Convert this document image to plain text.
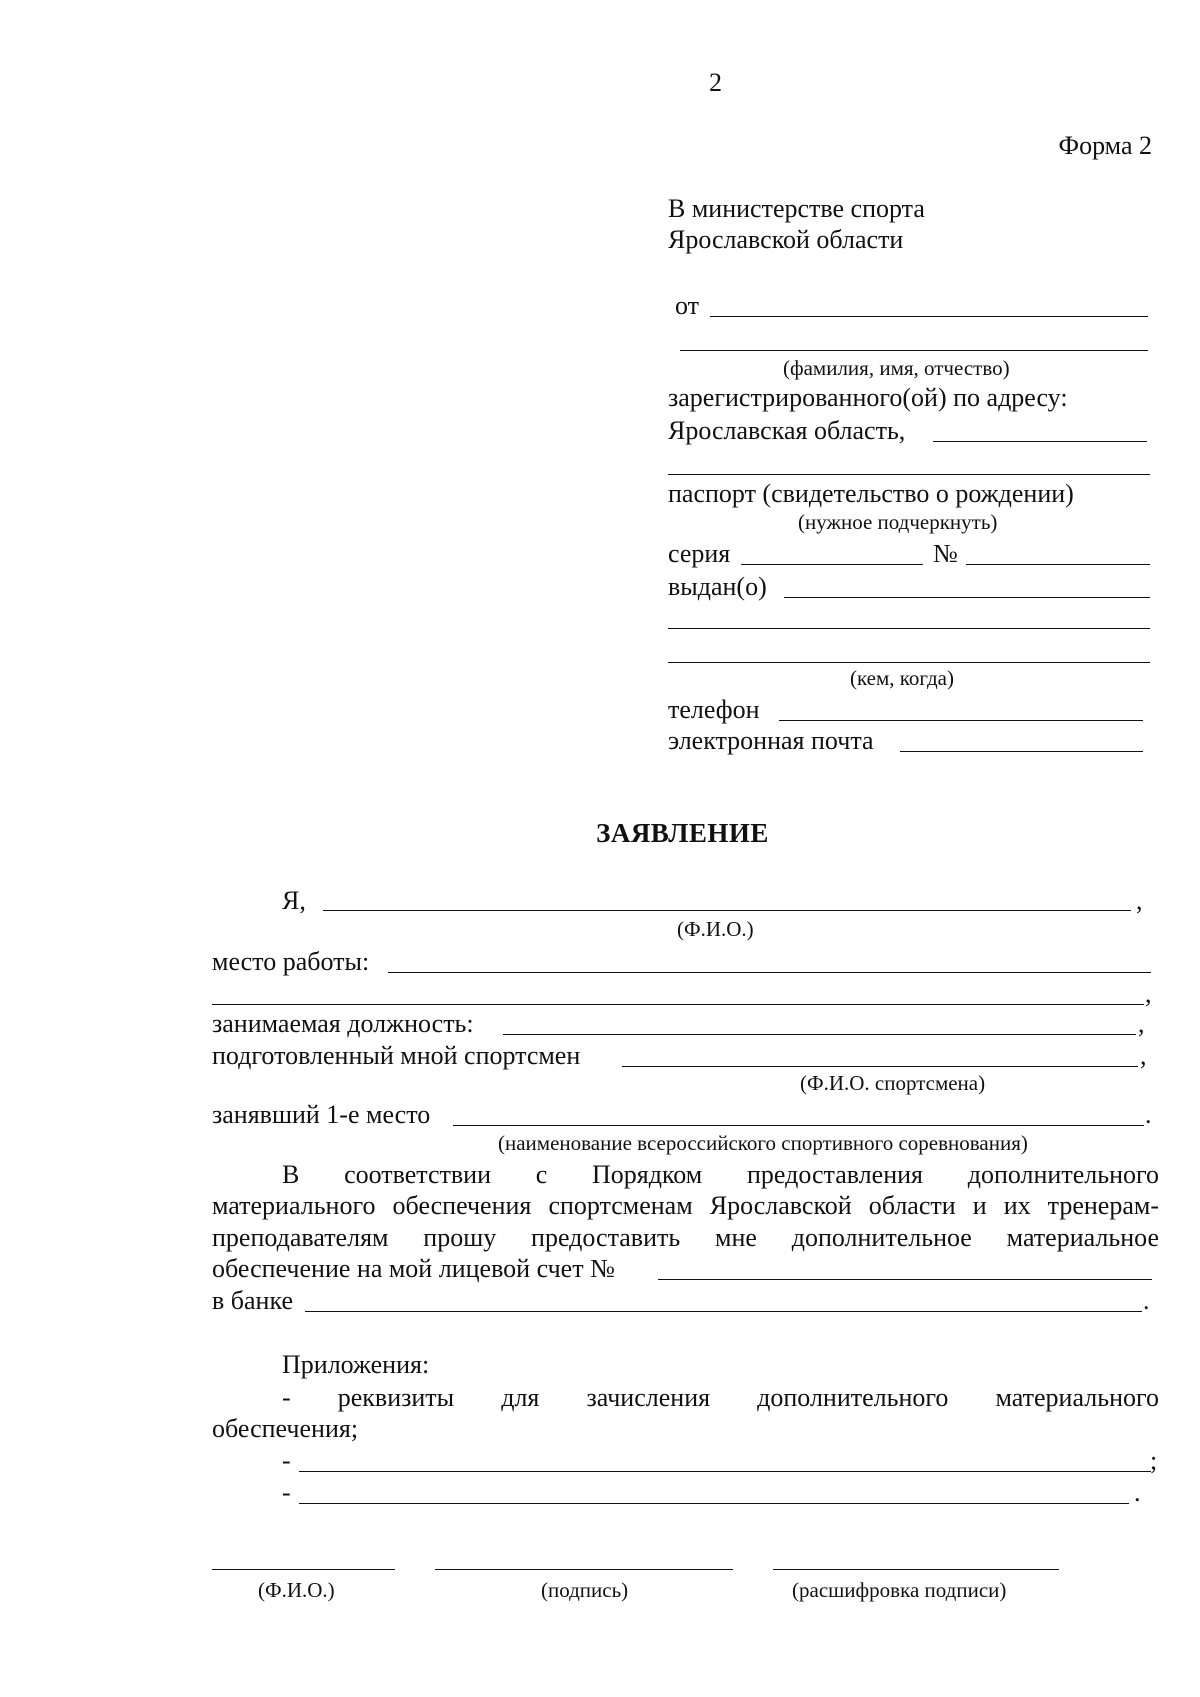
2
Форма 2
В министерстве спорта
Ярославской области
от
(фамилия, имя, отчество)
зарегистрированного(ой) по адресу:
Ярославская область,
паспорт (свидетельство о рождении)
(нужное подчеркнуть)
серия	№
выдан(о)
(кем, когда)
телефон
электронная почта
ЗАЯВЛЕНИЕ
Я,	,
(Ф.И.О.)
место работы:
,
занимаемая должность:	,
подготовленный мной спортсмен	,
(Ф.И.О. спортсмена)
занявший 1-е место	.
(наименование всероссийского спортивного соревнования)
В соответствии с Порядком предоставления дополнительного
материального обеспечения спортсменам Ярославской области и их тренерам-
преподавателям прошу предоставить мне дополнительное материальное
обеспечение на мой лицевой счет №
в банке	.
Приложения:
- реквизиты для зачисления дополнительного материального
обеспечения;
-	;
-	.
(Ф.И.О.)	(подпись)	(расшифровка подписи)
